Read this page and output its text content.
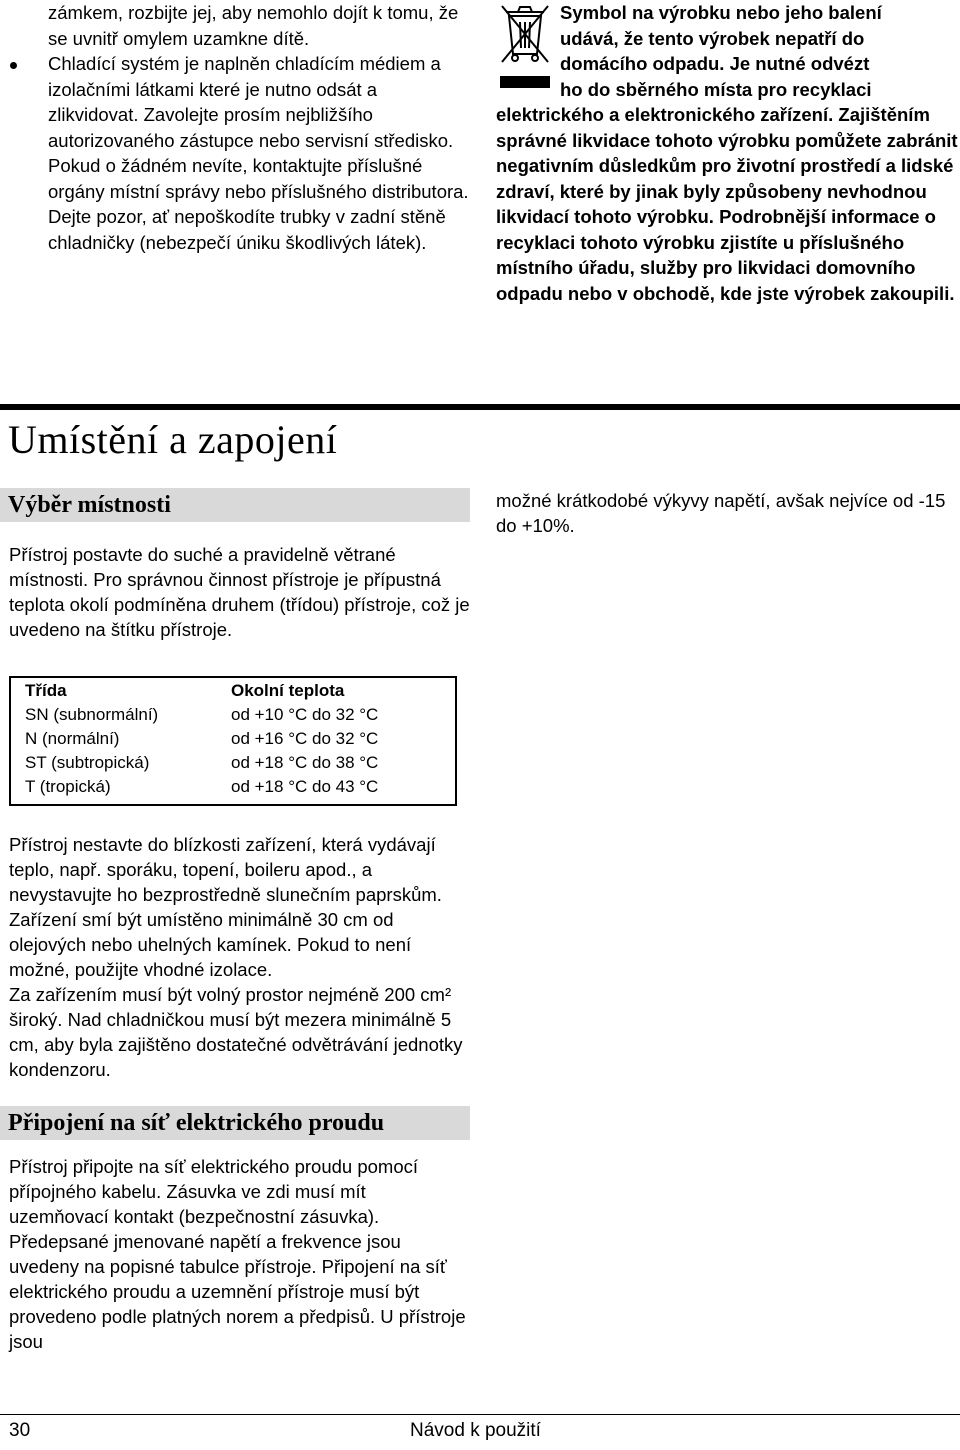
zámkem, rozbijte jej, aby nemohlo dojít k tomu, že se uvnitř omylem uzamkne dítě.

Chladící systém je naplněn chladícím médiem a izolačními látkami které je nutno odsát a zlikvidovat. Zavolejte prosím nejbližšího autorizovaného zástupce nebo servisní středisko. Pokud o žádném nevíte, kontaktujte příslušné orgány místní správy nebo příslušného distributora. Dejte pozor, ať nepoškodíte trubky v zadní stěně chladničky (nebezpečí úniku škodlivých látek).

Symbol na výrobku nebo jeho balení

udává, že tento výrobek nepatří do

domácího odpadu. Je nutné odvézt

ho do sběrného místa pro recyklaci

elektrického a elektronického zařízení. Zajištěním správné likvidace tohoto výrobku pomůžete zabránit negativním důsledkům pro životní prostředí a lidské zdraví, které by jinak byly způsobeny nevhodnou likvidací tohoto výrobku. Podrobnější informace o recyklaci tohoto výrobku zjistíte u příslušného místního úřadu, služby pro likvidaci domovního odpadu nebo v obchodě, kde jste výrobek zakoupili.

Umístění a zapojení
Výběr místnosti

Přístroj postavte do suché a pravidelně větrané místnosti. Pro správnou činnost přístroje je přípustná teplota okolí podmíněna druhem (třídou) přístroje, což je uvedeno na štítku přístroje.

Třída	Okolní teplota
SN (subnormální)	od +10 °C do 32 °C
N (normální)	od +16 °C do 32 °C
ST (subtropická)	od +18 °C do 38 °C
T (tropická)	od +18 °C do 43 °C

Přístroj nestavte do blízkosti zařízení, která vydávají teplo, např. sporáku, topení, boileru apod., a nevystavujte ho bezprostředně slunečním paprskům.

Zařízení smí být umístěno minimálně 30 cm od olejových nebo uhelných kamínek. Pokud to není možné, použijte vhodné izolace.

Za zařízením musí být volný prostor nejméně 200 cm² široký. Nad chladničkou musí být mezera minimálně 5 cm, aby byla zajištěno dostatečné odvětrávání jednotky kondenzoru.

Připojení na síť elektrického proudu

Přístroj připojte na síť elektrického proudu pomocí přípojného kabelu. Zásuvka ve zdi musí mít uzemňovací kontakt (bezpečnostní zásuvka). Předepsané jmenované napětí a frekvence jsou uvedeny na popisné tabulce přístroje. Připojení na síť elektrického proudu a uzemnění přístroje musí být provedeno podle platných norem a předpisů. U přístroje jsou

možné krátkodobé výkyvy napětí, avšak nejvíce od -15 do +10%.

30	Návod k použití
